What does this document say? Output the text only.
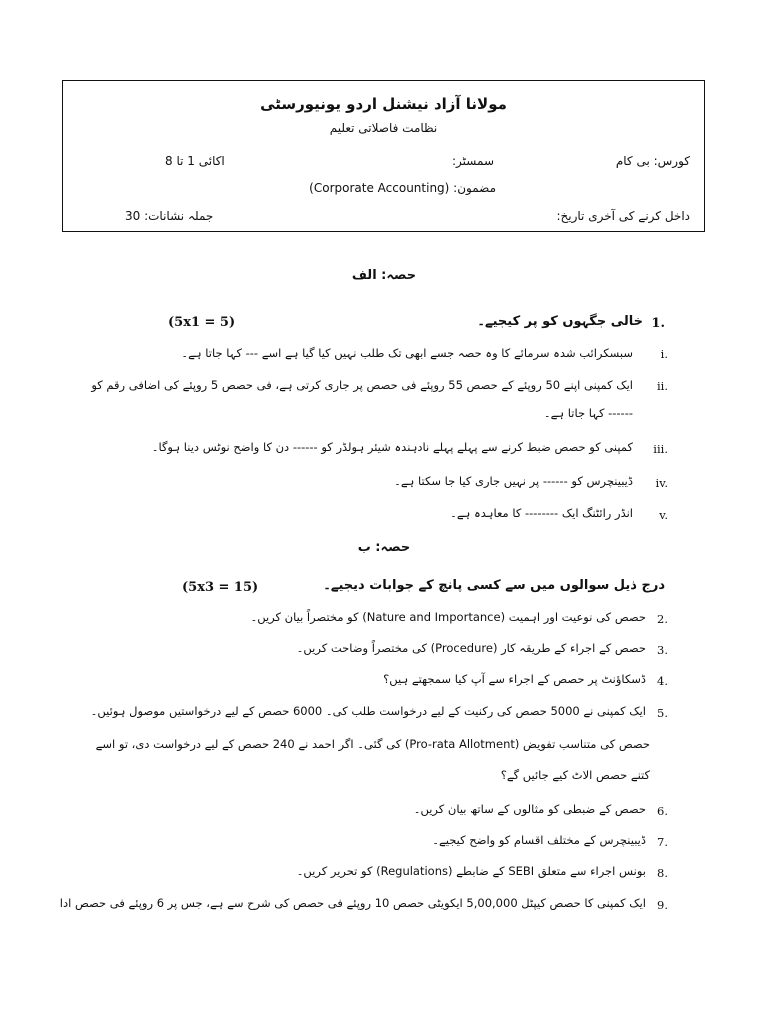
مولانا آزاد نیشنل اردو یونیورسٹی
نظامت فاصلاتی تعلیم
کورس: بی کام
سمسٹر:
اکائی 1 تا 8
مضمون: (Corporate Accounting)
داخل کرنے کی آخری تاریخ:
جملہ نشانات: 30
حصہ: الف
1.
خالی جگہوں کو پر کیجیے۔
(5x1 = 5)
i.
سبسکرائب شدہ سرمائے کا وہ حصہ جسے ابھی تک طلب نہیں کیا گیا ہے اسے --- کہا جاتا ہے۔
ii.
ایک کمپنی اپنے 50 روپئے کے حصص 55 روپئے فی حصص پر جاری کرتی ہے، فی حصص 5 روپئے کی اضافی رقم کو
------ کہا جاتا ہے۔
iii.
کمپنی کو حصص ضبط کرنے سے پہلے پہلے نادہندہ شیئر ہولڈر کو ------ دن کا واضح نوٹس دینا ہوگا۔
iv.
ڈیبینچرس کو ------ پر نہیں جاری کیا جا سکتا ہے۔
v.
انڈر رائٹنگ ایک -------- کا معاہدہ ہے۔
حصہ: ب
درج ذیل سوالوں میں سے کسی پانچ کے جوابات دیجیے۔
(5x3 = 15)
2.
حصص کی نوعیت اور اہمیت (Nature and Importance) کو مختصراً بیان کریں۔
3.
حصص کے اجراء کے طریقہ کار (Procedure) کی مختصراً وضاحت کریں۔
4.
ڈسکاؤنٹ پر حصص کے اجراء سے آپ کیا سمجھتے ہیں؟
5.
ایک کمپنی نے 5000 حصص کی رکنیت کے لیے درخواست طلب کی۔ 6000 حصص کے لیے درخواستیں موصول ہوئیں۔
حصص کی متناسب تفویض (Pro-rata Allotment) کی گئی۔ اگر احمد نے 240 حصص کے لیے درخواست دی، تو اسے
کتنے حصص الاٹ کیے جائیں گے؟
6.
حصص کے ضبطی کو مثالوں کے ساتھ بیان کریں۔
7.
ڈیبینچرس کے مختلف اقسام کو واضح کیجیے۔
8.
بونس اجراء سے متعلق SEBI کے ضابطے (Regulations) کو تحریر کریں۔
9.
ایک کمپنی کا حصص کیپٹل 5,00,000 ایکویٹی حصص 10 روپئے فی حصص کی شرح سے ہے، جس پر 6 روپئے فی حصص ادا
